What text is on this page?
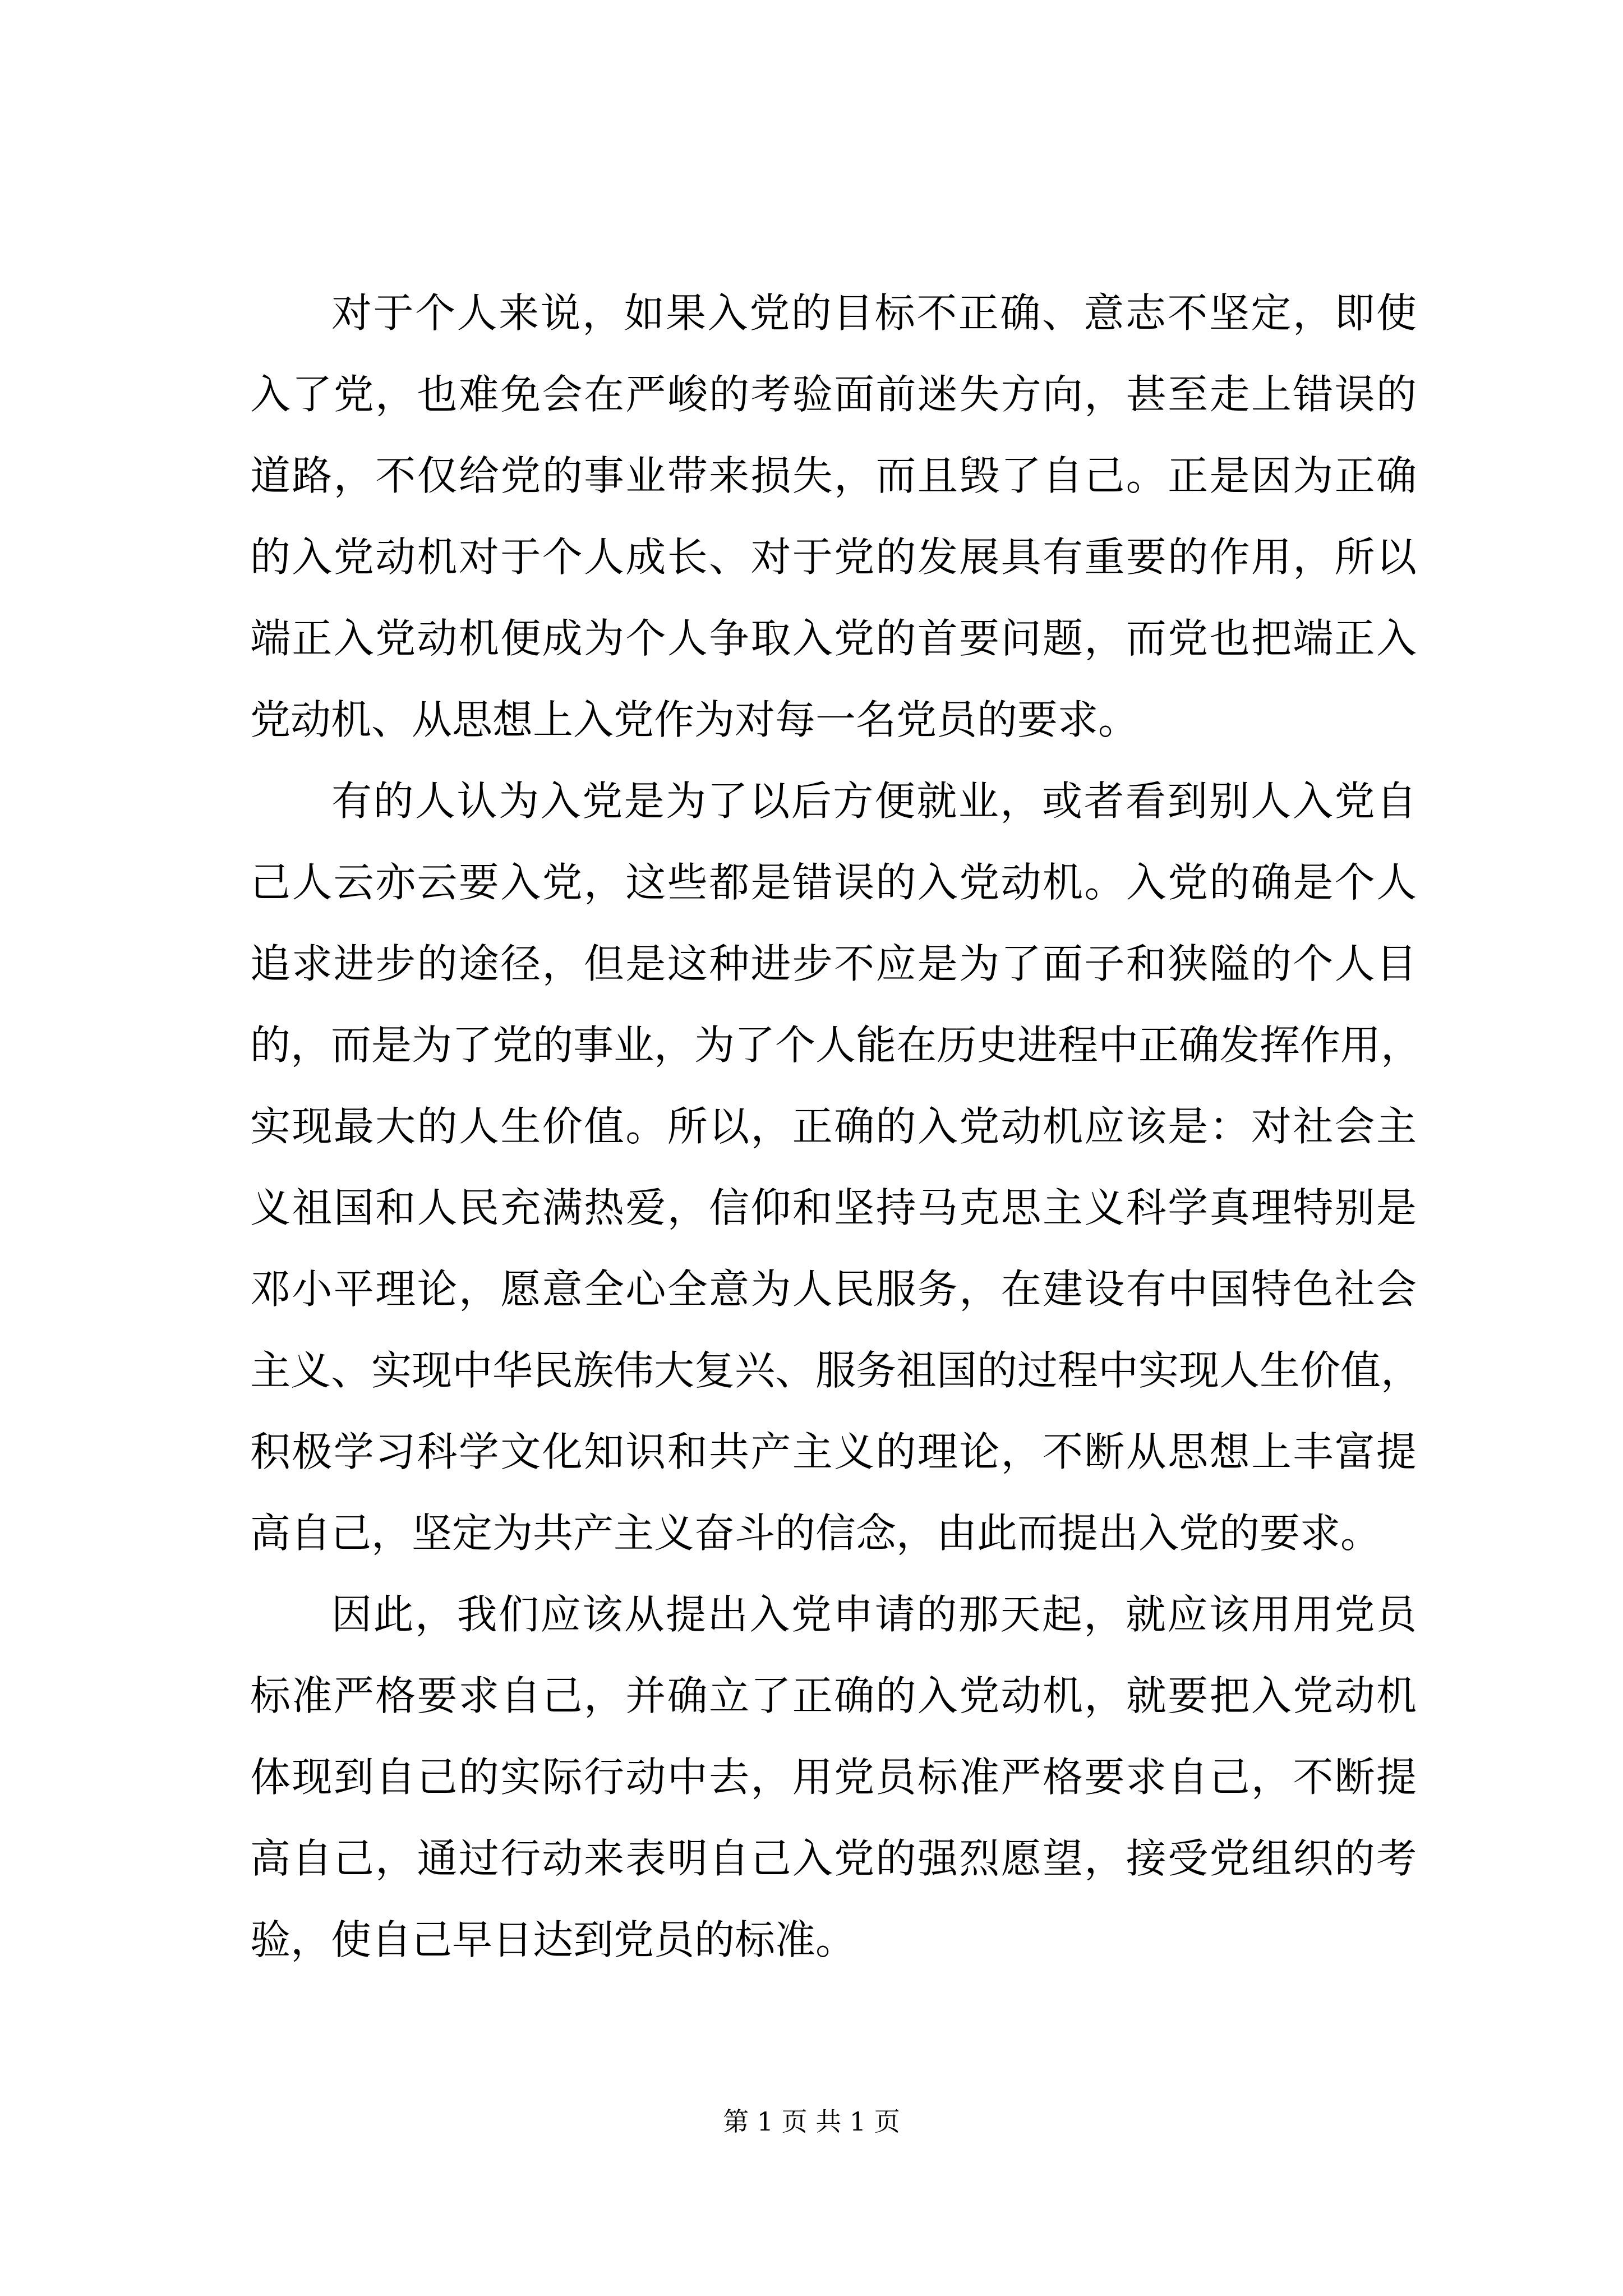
对于个人来说，如果入党的目标不正确、意志不坚定，即使
入了党，也难免会在严峻的考验面前迷失方向，甚至走上错误的
道路，不仅给党的事业带来损失，而且毁了自己。正是因为正确
的入党动机对于个人成长、对于党的发展具有重要的作用，所以
端正入党动机便成为个人争取入党的首要问题，而党也把端正入
党动机、从思想上入党作为对每一名党员的要求。
有的人认为入党是为了以后方便就业，或者看到别人入党自
己人云亦云要入党，这些都是错误的入党动机。入党的确是个人
追求进步的途径，但是这种进步不应是为了面子和狭隘的个人目
的，而是为了党的事业，为了个人能在历史进程中正确发挥作用，
实现最大的人生价值。所以，正确的入党动机应该是：对社会主
义祖国和人民充满热爱，信仰和坚持马克思主义科学真理特别是
邓小平理论，愿意全心全意为人民服务，在建设有中国特色社会
主义、实现中华民族伟大复兴、服务祖国的过程中实现人生价值，
积极学习科学文化知识和共产主义的理论，不断从思想上丰富提
高自己，坚定为共产主义奋斗的信念，由此而提出入党的要求。
因此，我们应该从提出入党申请的那天起，就应该用用党员
标准严格要求自己，并确立了正确的入党动机，就要把入党动机
体现到自己的实际行动中去，用党员标准严格要求自己，不断提
高自己，通过行动来表明自己入党的强烈愿望，接受党组织的考
验，使自己早日达到党员的标准。
第 1 页 共 1 页
